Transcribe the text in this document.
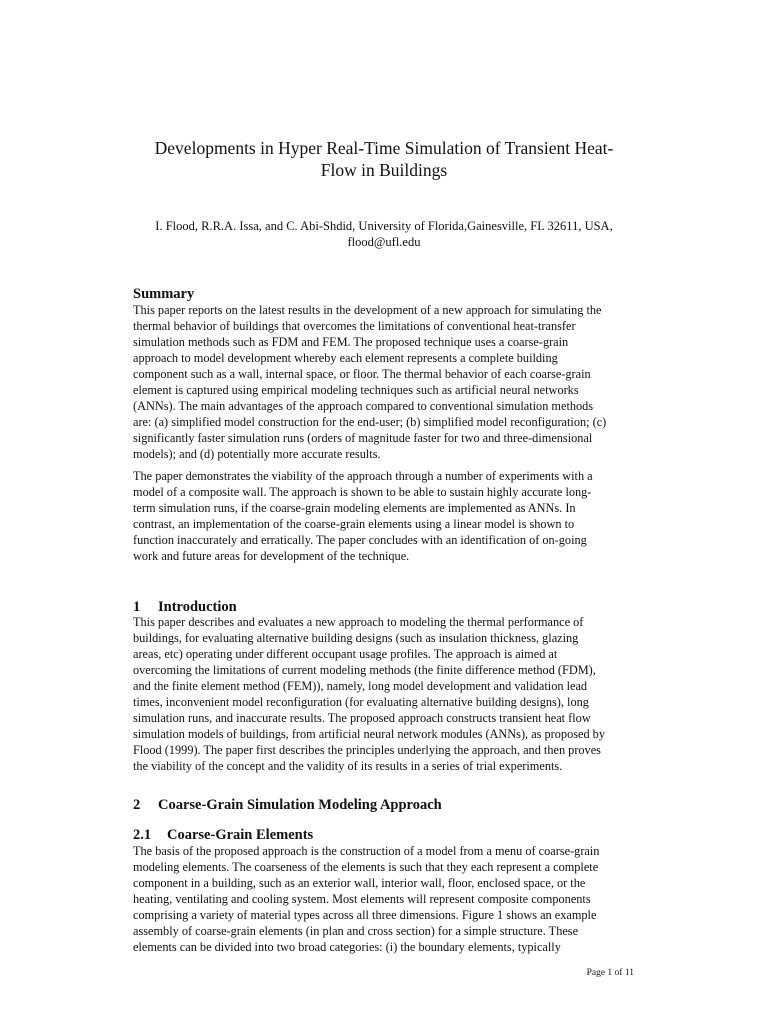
Developments in Hyper Real-Time Simulation of Transient Heat-
Flow in Buildings
I. Flood, R.R.A. Issa, and C. Abi-Shdid, University of Florida,Gainesville, FL 32611, USA,
flood@ufl.edu
Summary
This paper reports on the latest results in the development of a new approach for simulating the
thermal behavior of buildings that overcomes the limitations of conventional heat-transfer
simulation methods such as FDM and FEM. The proposed technique uses a coarse-grain
approach to model development whereby each element represents a complete building
component such as a wall, internal space, or floor. The thermal behavior of each coarse-grain
element is captured using empirical modeling techniques such as artificial neural networks
(ANNs). The main advantages of the approach compared to conventional simulation methods
are: (a) simplified model construction for the end-user; (b) simplified model reconfiguration; (c)
significantly faster simulation runs (orders of magnitude faster for two and three-dimensional
models); and (d) potentially more accurate results.
The paper demonstrates the viability of the approach through a number of experiments with a
model of a composite wall. The approach is shown to be able to sustain highly accurate long-
term simulation runs, if the coarse-grain modeling elements are implemented as ANNs. In
contrast, an implementation of the coarse-grain elements using a linear model is shown to
function inaccurately and erratically. The paper concludes with an identification of on-going
work and future areas for development of the technique.
1 Introduction
This paper describes and evaluates a new approach to modeling the thermal performance of
buildings, for evaluating alternative building designs (such as insulation thickness, glazing
areas, etc) operating under different occupant usage profiles. The approach is aimed at
overcoming the limitations of current modeling methods (the finite difference method (FDM),
and the finite element method (FEM)), namely, long model development and validation lead
times, inconvenient model reconfiguration (for evaluating alternative building designs), long
simulation runs, and inaccurate results. The proposed approach constructs transient heat flow
simulation models of buildings, from artificial neural network modules (ANNs), as proposed by
Flood (1999). The paper first describes the principles underlying the approach, and then proves
the viability of the concept and the validity of its results in a series of trial experiments.
2 Coarse-Grain Simulation Modeling Approach
2.1 Coarse-Grain Elements
The basis of the proposed approach is the construction of a model from a menu of coarse-grain
modeling elements. The coarseness of the elements is such that they each represent a complete
component in a building, such as an exterior wall, interior wall, floor, enclosed space, or the
heating, ventilating and cooling system. Most elements will represent composite components
comprising a variety of material types across all three dimensions. Figure 1 shows an example
assembly of coarse-grain elements (in plan and cross section) for a simple structure. These
elements can be divided into two broad categories: (i) the boundary elements, typically
Page 1 of 11
